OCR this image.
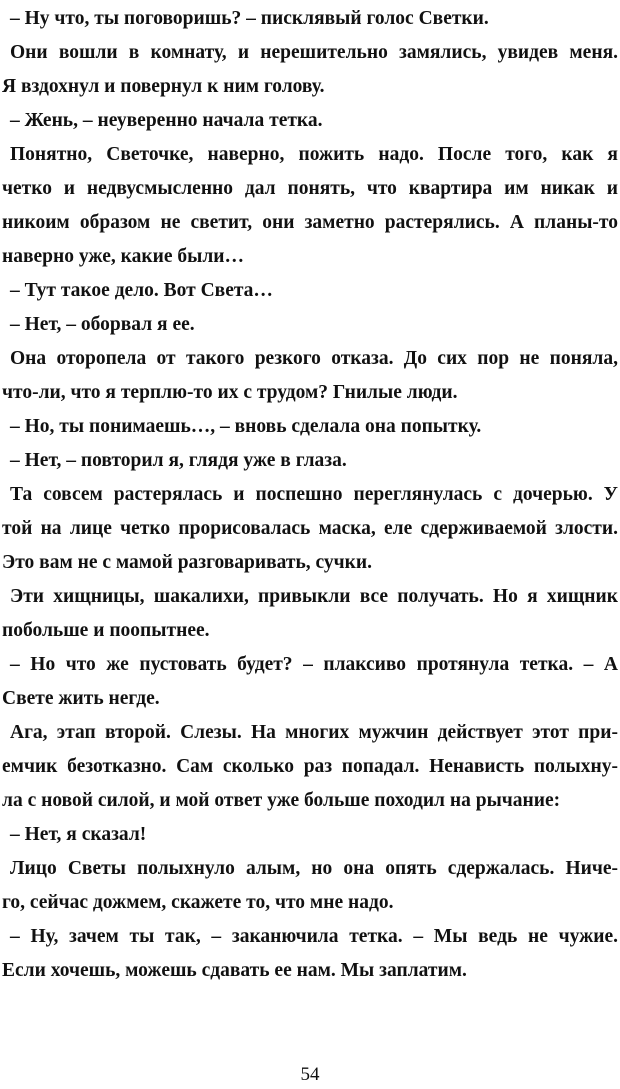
– Ну что, ты поговоришь? – писклявый голос Светки.
Они вошли в комнату, и нерешительно замялись, увидев меня.
Я вздохнул и повернул к ним голову.
– Жень, – неуверенно начала тетка.
Понятно, Светочке, наверно, пожить надо. После того, как я
четко и недвусмысленно дал понять, что квартира им никак и
никоим образом не светит, они заметно растерялись. А планы-то
наверно уже, какие были…
– Тут такое дело. Вот Света…
– Нет, – оборвал я ее.
Она оторопела от такого резкого отказа. До сих пор не поняла,
что-ли, что я терплю-то их с трудом? Гнилые люди.
– Но, ты понимаешь…, – вновь сделала она попытку.
– Нет, – повторил я, глядя уже в глаза.
Та совсем растерялась и поспешно переглянулась с дочерью. У
той на лице четко прорисовалась маска, еле сдерживаемой злости.
Это вам не с мамой разговаривать, сучки.
Эти хищницы, шакалихи, привыкли все получать. Но я хищник
побольше и поопытнее.
– Но что же пустовать будет? – плаксиво протянула тетка. – А
Свете жить негде.
Ага, этап второй. Слезы. На многих мужчин действует этот при-
емчик безотказно. Сам сколько раз попадал. Ненависть полыхну-
ла с новой силой, и мой ответ уже больше походил на рычание:
– Нет, я сказал!
Лицо Светы полыхнуло алым, но она опять сдержалась. Ниче-
го, сейчас дожмем, скажете то, что мне надо.
– Ну, зачем ты так, – заканючила тетка. – Мы ведь не чужие.
Если хочешь, можешь сдавать ее нам. Мы заплатим.
54
